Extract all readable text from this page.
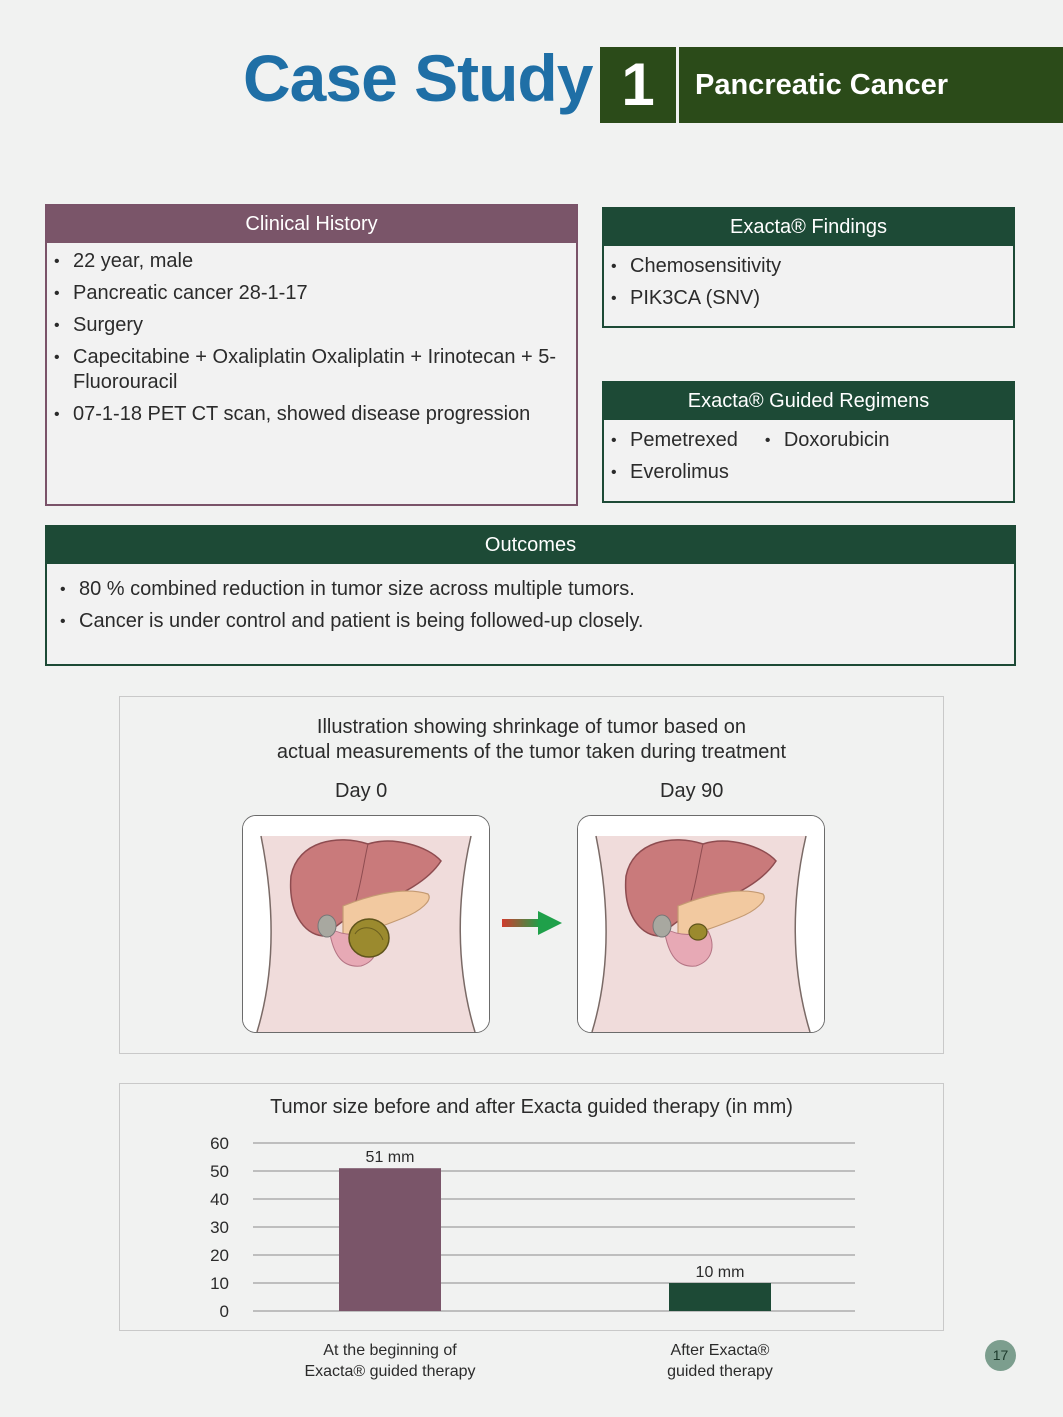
Case Study 1	Pancreatic Cancer
Clinical History
• 22 year, male
• Pancreatic cancer 28-1-17
• Surgery
• Capecitabine + Oxaliplatin Oxaliplatin + Irinotecan + 5-Fluorouracil
• 07-1-18 PET CT scan, showed disease progression
Exacta® Findings
• Chemosensitivity
• PIK3CA (SNV)
Exacta® Guided Regimens
• Pemetrexed• Doxorubicin
• Everolimus
Outcomes
• 80 % combined reduction in tumor size across multiple tumors.
• Cancer is under control and patient is being followed-up closely.
Illustration showing shrinkage of tumor based on
actual measurements of the tumor taken during treatment
Day 0	Day 90
Tumor size before and after Exacta guided therapy (in mm)
0
10
20
30
40
50
60
51 mm
10 mm
At the beginning of
Exacta® guided therapy
After Exacta®
guided therapy
17
